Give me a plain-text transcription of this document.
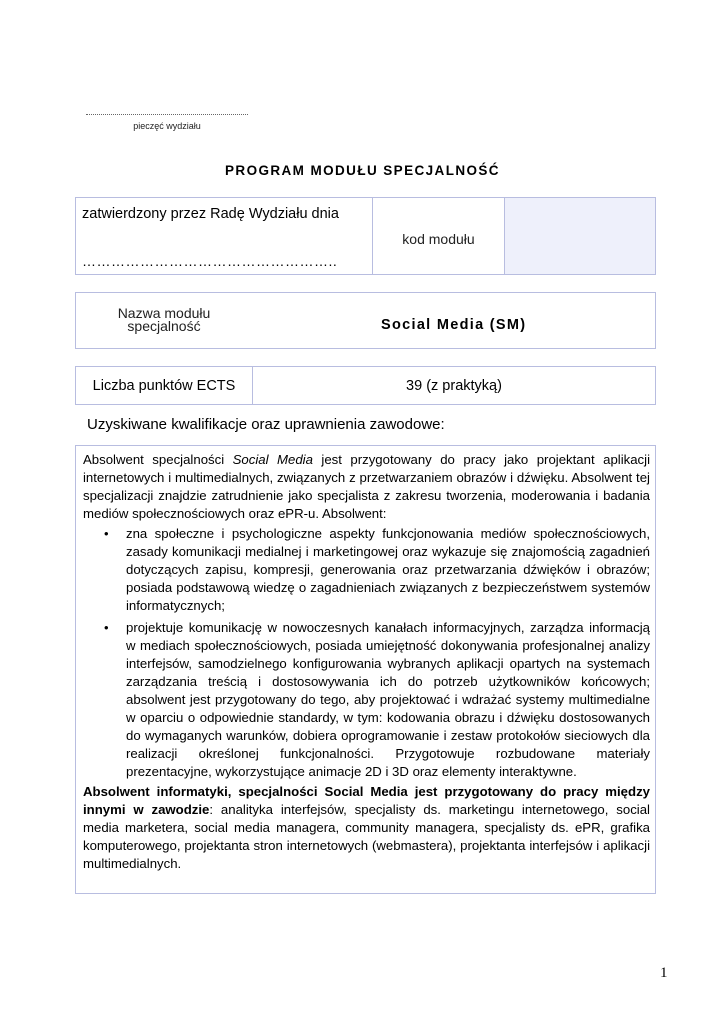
pieczęć wydziału
PROGRAM MODUŁU SPECJALNOŚĆ
zatwierdzony przez Radę Wydziału dnia
……………………………………………..
kod modułu
Nazwa modułu
specjalność	Social Media (SM)
Liczba punktów ECTS	39 (z praktyką)
Uzyskiwane kwalifikacje oraz uprawnienia zawodowe:

Absolwent specjalności Social Media jest przygotowany do pracy jako projektant aplikacji internetowych i multimedialnych, związanych z przetwarzaniem obrazów i dźwięku. Absolwent tej specjalizacji znajdzie zatrudnienie jako specjalista z zakresu tworzenia, moderowania i badania mediów społecznościowych oraz ePR-u. Absolwent:

• zna społeczne i psychologiczne aspekty funkcjonowania mediów społecznościowych, zasady komunikacji medialnej i marketingowej oraz wykazuje się znajomością zagadnień dotyczących zapisu, kompresji, generowania oraz przetwarzania dźwięków i obrazów; posiada podstawową wiedzę o zagadnieniach związanych z bezpieczeństwem systemów informatycznych;
• projektuje komunikację w nowoczesnych kanałach informacyjnych, zarządza informacją w mediach społecznościowych, posiada umiejętność dokonywania profesjonalnej analizy interfejsów, samodzielnego konfigurowania wybranych aplikacji opartych na systemach zarządzania treścią i dostosowywania ich do potrzeb użytkowników końcowych; absolwent jest przygotowany do tego, aby projektować i wdrażać systemy multimedialne w oparciu o odpowiednie standardy, w tym: kodowania obrazu i dźwięku dostosowanych do wymaganych warunków, dobiera oprogramowanie i zestaw protokołów sieciowych dla realizacji określonej funkcjonalności. Przygotowuje rozbudowane materiały prezentacyjne, wykorzystujące animacje 2D i 3D oraz elementy interaktywne.

Absolwent informatyki, specjalności Social Media jest przygotowany do pracy między innymi w zawodzie: analityka interfejsów, specjalisty ds. marketingu internetowego, social media marketera, social media managera, community managera, specjalisty ds. ePR, grafika komputerowego, projektanta stron internetowych (webmastera), projektanta interfejsów i aplikacji multimedialnych.

1
